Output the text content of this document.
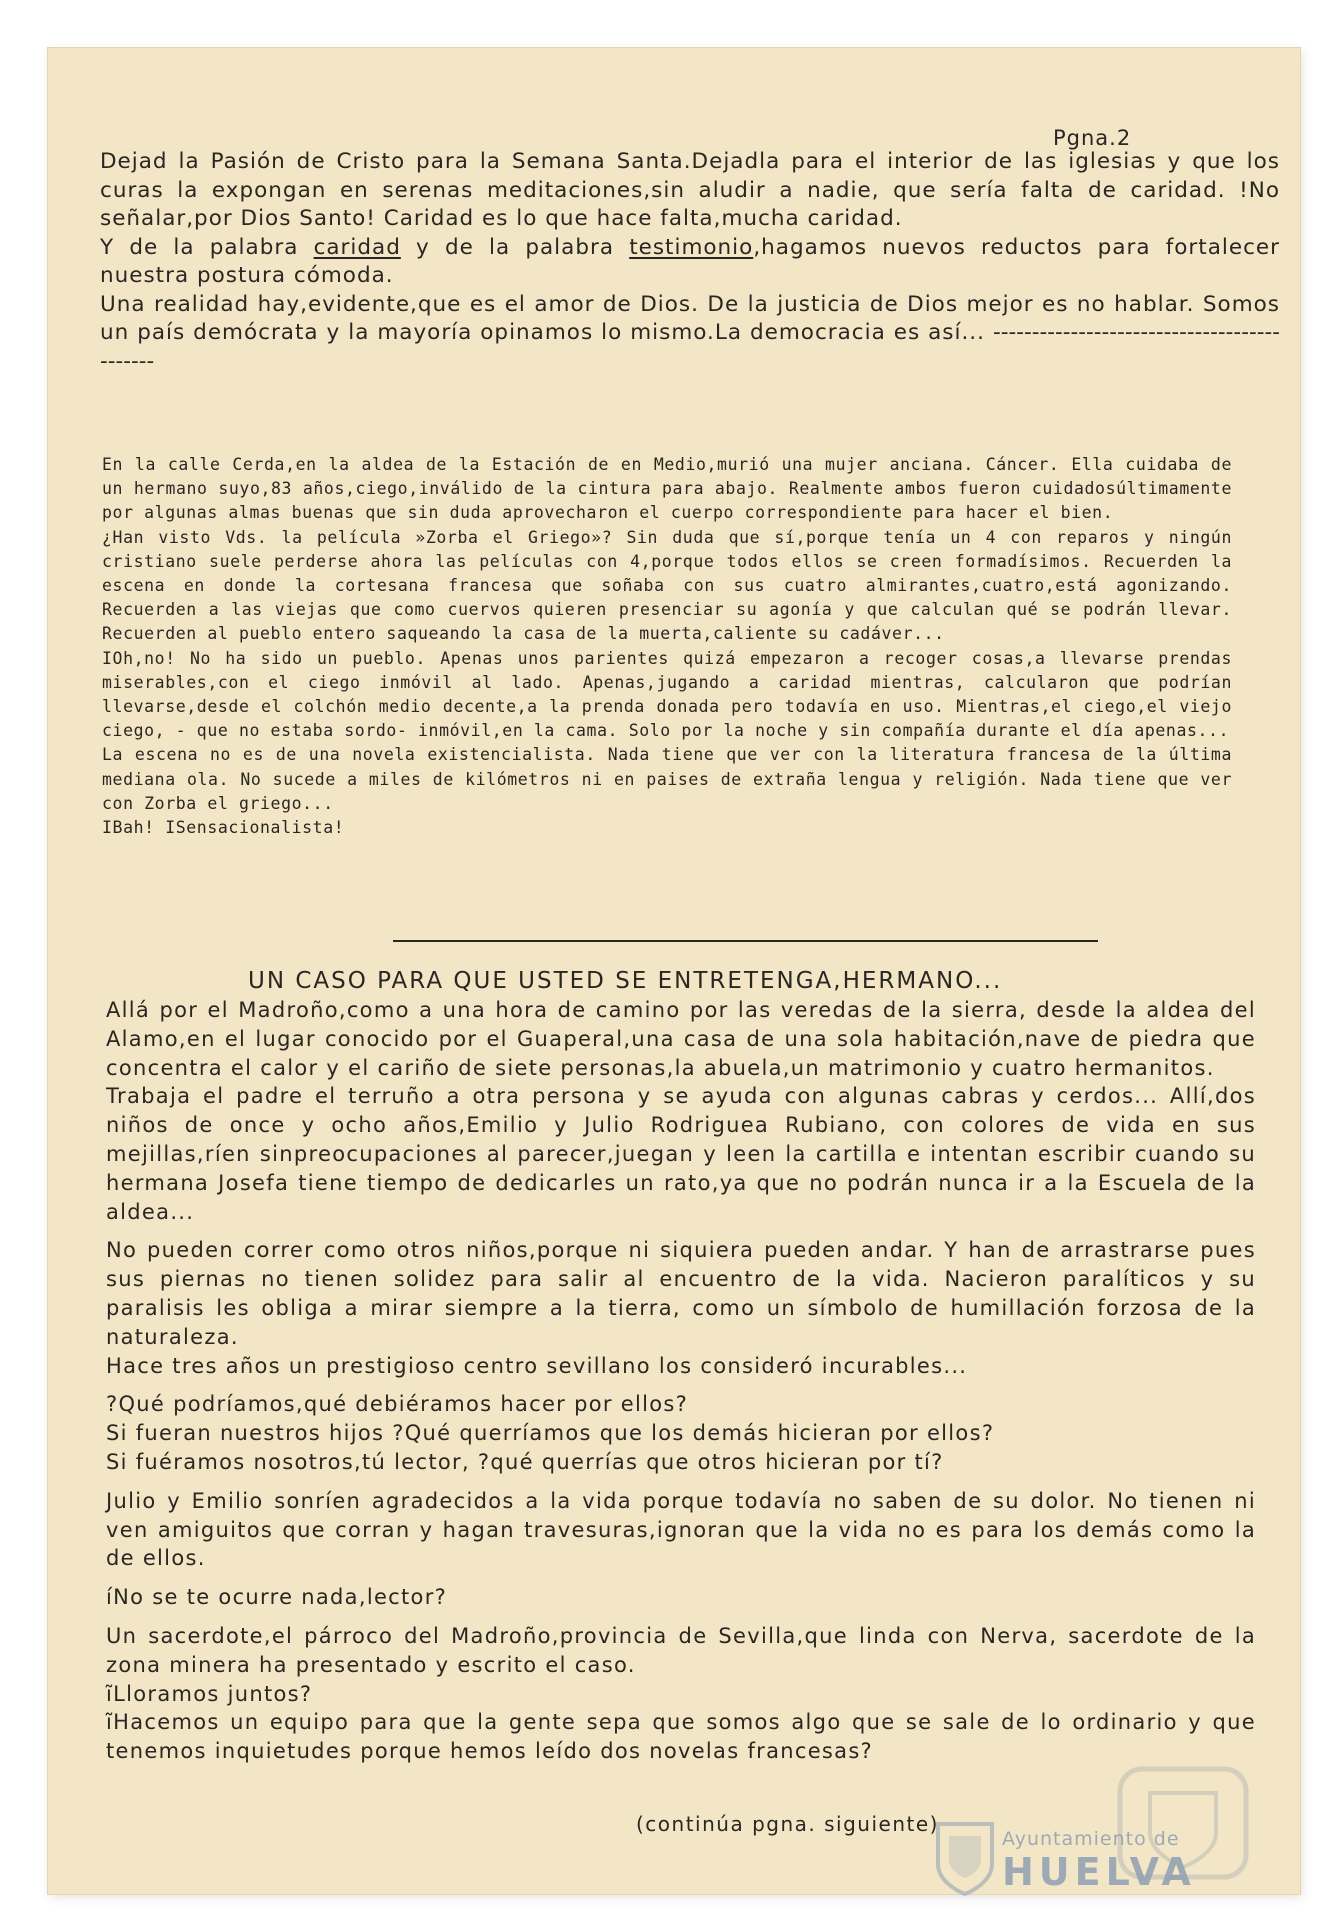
Pgna.2

Dejad la Pasión de Cristo para la Semana Santa.Dejadla para el interior de las iglesias y que los curas la expongan en serenas meditaciones,sin aludir a nadie, que sería falta de caridad. !No señalar,por Dios Santo! Caridad es lo que hace falta,mucha caridad.

Y de la palabra caridad y de la palabra testimonio,hagamos nuevos reductos para fortalecer nuestra postura cómoda.

Una realidad hay,evidente,que es el amor de Dios. De la justicia de Dios mejor es no hablar. Somos un país demócrata y la mayoría opinamos lo mismo.La democracia es así... --------------------------------------------

En la calle Cerda,en la aldea de la Estación de en Medio,murió una mujer anciana. Cáncer. Ella cuidaba de un hermano suyo,83 años,ciego,inválido de la cintura para abajo. Realmente ambos fueron cuidadosúltimamente por algunas almas buenas que sin duda aprovecharon el cuerpo correspondiente para hacer el bien.

¿Han visto Vds. la película »Zorba el Griego»? Sin duda que sí,porque tenía un 4 con reparos y ningún cristiano suele perderse ahora las películas con 4,porque todos ellos se creen formadísimos. Recuerden la escena en donde la cortesana francesa que soñaba con sus cuatro almirantes,cuatro,está agonizando. Recuerden a las viejas que como cuervos quieren presenciar su agonía y que calculan qué se podrán llevar. Recuerden al pueblo entero saqueando la casa de la muerta,caliente su cadáver...

IOh,no! No ha sido un pueblo. Apenas unos parientes quizá empezaron a recoger cosas,a llevarse prendas miserables,con el ciego inmóvil al lado. Apenas,jugando a caridad mientras, calcularon que podrían llevarse,desde el colchón medio decente,a la prenda donada pero todavía en uso. Mientras,el ciego,el viejo ciego, - que no estaba sordo- inmóvil,en la cama. Solo por la noche y sin compañía durante el día apenas...

La escena no es de una novela existencialista. Nada tiene que ver con la literatura francesa de la última mediana ola. No sucede a miles de kilómetros ni en paises de extraña lengua y religión. Nada tiene que ver con Zorba el griego...

IBah! ISensacionalista!

UN CASO PARA QUE USTED SE ENTRETENGA,HERMANO...

Allá por el Madroño,como a una hora de camino por las veredas de la sierra, desde la aldea del Alamo,en el lugar conocido por el Guaperal,una casa de una sola habitación,nave de piedra que concentra el calor y el cariño de siete personas,la abuela,un matrimonio y cuatro hermanitos.

Trabaja el padre el terruño a otra persona y se ayuda con algunas cabras y cerdos... Allí,dos niños de once y ocho años,Emilio y Julio Rodriguea Rubiano, con colores de vida en sus mejillas,ríen sinpreocupaciones al parecer,juegan y leen la cartilla e intentan escribir cuando su hermana Josefa tiene tiempo de dedicarles un rato,ya que no podrán nunca ir a la Escuela de la aldea...

No pueden correr como otros niños,porque ni siquiera pueden andar. Y han de arrastrarse pues sus piernas no tienen solidez para salir al encuentro de la vida. Nacieron paralíticos y su paralisis les obliga a mirar siempre a la tierra, como un símbolo de humillación forzosa de la naturaleza.

Hace tres años un prestigioso centro sevillano los consideró incurables...

?Qué podríamos,qué debiéramos hacer por ellos?

Si fueran nuestros hijos ?Qué querríamos que los demás hicieran por ellos?

Si fuéramos nosotros,tú lector, ?qué querrías que otros hicieran por tí?

Julio y Emilio sonríen agradecidos a la vida porque todavía no saben de su dolor. No tienen ni ven amiguitos que corran y hagan travesuras,ignoran que la vida no es para los demás como la de ellos.

íNo se te ocurre nada,lector?

Un sacerdote,el párroco del Madroño,provincia de Sevilla,que linda con Nerva, sacerdote de la zona minera ha presentado y escrito el caso.

ĩLloramos juntos?

ĩHacemos un equipo para que la gente sepa que somos algo que se sale de lo ordinario y que tenemos inquietudes porque hemos leído dos novelas francesas?

(continúa pgna. siguiente)
Ayuntamiento de
HUELVA
